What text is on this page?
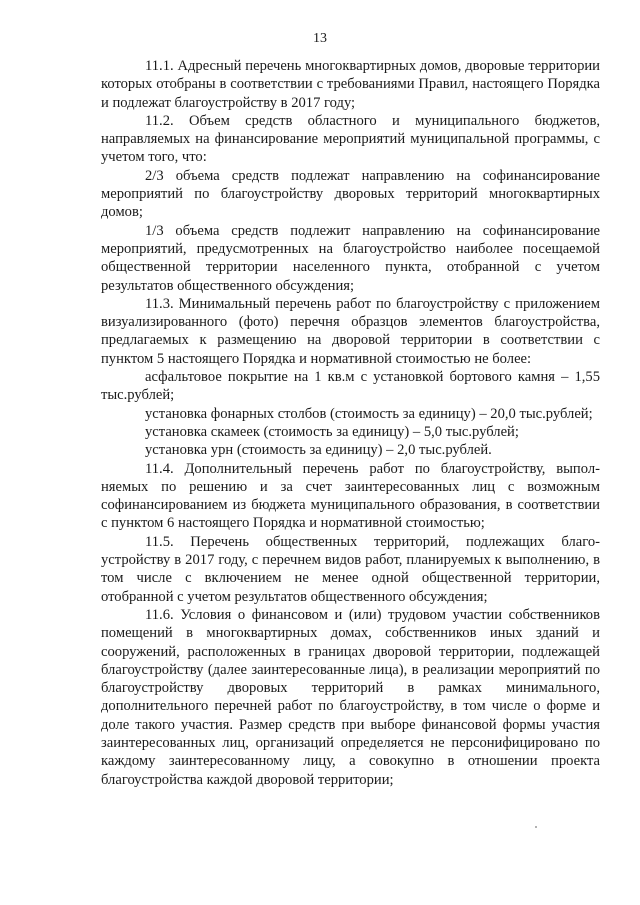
13

11.1. Адресный перечень многоквартирных домов, дворовые территории которых отобраны в соответствии с требованиями Правил, настоящего Порядка и подлежат благоустройству в 2017 году;

11.2. Объем средств областного и муниципального бюджетов, направляемых на финансирование мероприятий муниципальной программы, с учетом того, что:

2/3 объема средств подлежат направлению на софинансирование мероприятий по благоустройству дворовых территорий многоквартирных домов;

1/3 объема средств подлежит направлению на софинансирование мероприятий, предусмотренных на благоустройство наиболее посещаемой общественной территории населенного пункта, отобранной с учетом результатов общественного обсуждения;

11.3. Минимальный перечень работ по благоустройству с приложением визуализированного (фото) перечня образцов элементов благоустройства, предлагаемых к размещению на дворовой территории в соответствии с пунктом 5 настоящего Порядка и нормативной стоимостью не более:

асфальтовое покрытие на 1 кв.м с установкой бортового камня – 1,55 тыс.рублей;

установка фонарных столбов (стоимость за единицу) – 20,0 тыс.рублей;

установка скамеек (стоимость за единицу) – 5,0 тыс.рублей;

установка урн (стоимость за единицу) – 2,0 тыс.рублей.

11.4. Дополнительный перечень работ по благоустройству, выпол- няемых по решению и за счет заинтересованных лиц с возможным софинансированием из бюджета муниципального образования, в соответствии с пунктом 6 настоящего Порядка и нормативной стоимостью;

11.5. Перечень общественных территорий, подлежащих благо- устройству в 2017 году, с перечнем видов работ, планируемых к выполнению, в том числе с включением не менее одной общественной территории, отобранной с учетом результатов общественного обсуждения;

11.6. Условия о финансовом и (или) трудовом участии собственников помещений в многоквартирных домах, собственников иных зданий и сооружений, расположенных в границах дворовой территории, подлежащей благоустройству (далее заинтересованные лица), в реализации мероприятий по благоустройству дворовых территорий в рамках минимального, дополнительного перечней работ по благоустройству, в том числе о форме и доле такого участия. Размер средств при выборе финансовой формы участия заинтересованных лиц, организаций определяется не персонифицировано по каждому заинтересованному лицу, а совокупно в отношении проекта благоустройства каждой дворовой территории;
